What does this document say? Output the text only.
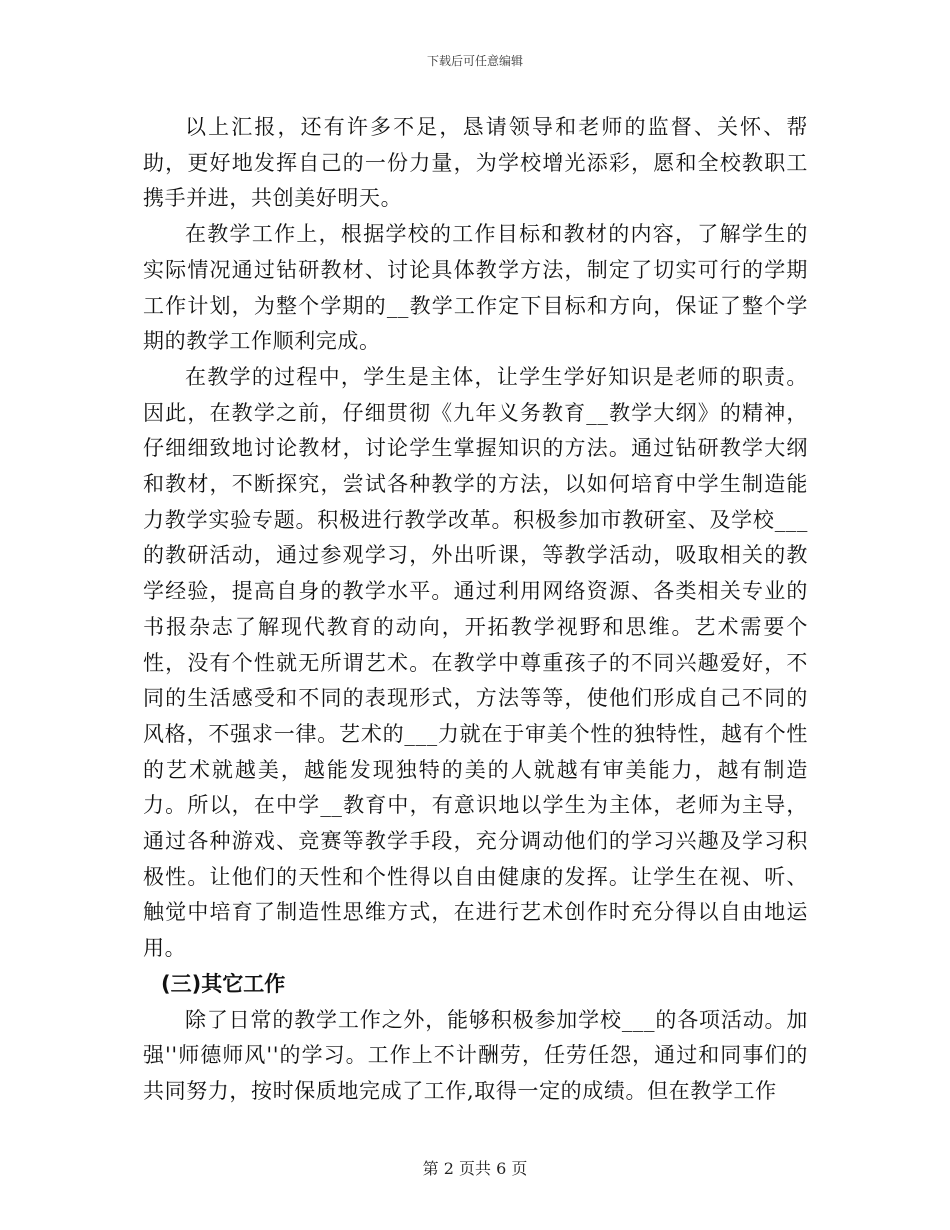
下载后可任意编辑

以上汇报，还有许多不足，恳请领导和老师的监督、关怀、帮助，更好地发挥自己的一份力量，为学校增光添彩，愿和全校教职工携手并进，共创美好明天。

在教学工作上，根据学校的工作目标和教材的内容，了解学生的实际情况通过钻研教材、讨论具体教学方法，制定了切实可行的学期工作计划，为整个学期的__教学工作定下目标和方向，保证了整个学期的教学工作顺利完成。

在教学的过程中，学生是主体，让学生学好知识是老师的职责。因此，在教学之前，仔细贯彻《九年义务教育__教学大纲》的精神，仔细细致地讨论教材，讨论学生掌握知识的方法。通过钻研教学大纲和教材，不断探究，尝试各种教学的方法，以如何培育中学生制造能力教学实验专题。积极进行教学改革。积极参加市教研室、及学校___的教研活动，通过参观学习，外出听课，等教学活动，吸取相关的教学经验，提高自身的教学水平。通过利用网络资源、各类相关专业的书报杂志了解现代教育的动向，开拓教学视野和思维。艺术需要个性，没有个性就无所谓艺术。在教学中尊重孩子的不同兴趣爱好，不同的生活感受和不同的表现形式，方法等等，使他们形成自己不同的风格，不强求一律。艺术的___力就在于审美个性的独特性，越有个性的艺术就越美，越能发现独特的美的人就越有审美能力，越有制造力。所以，在中学__教育中，有意识地以学生为主体，老师为主导，通过各种游戏、竞赛等教学手段，充分调动他们的学习兴趣及学习积极性。让他们的天性和个性得以自由健康的发挥。让学生在视、听、触觉中培育了制造性思维方式，在进行艺术创作时充分得以自由地运用。

(三)其它工作

除了日常的教学工作之外，能够积极参加学校___的各项活动。加强''师德师风''的学习。工作上不计酬劳，任劳任怨，通过和同事们的共同努力，按时保质地完成了工作,取得一定的成绩。但在教学工作

第 2 页共 6 页
